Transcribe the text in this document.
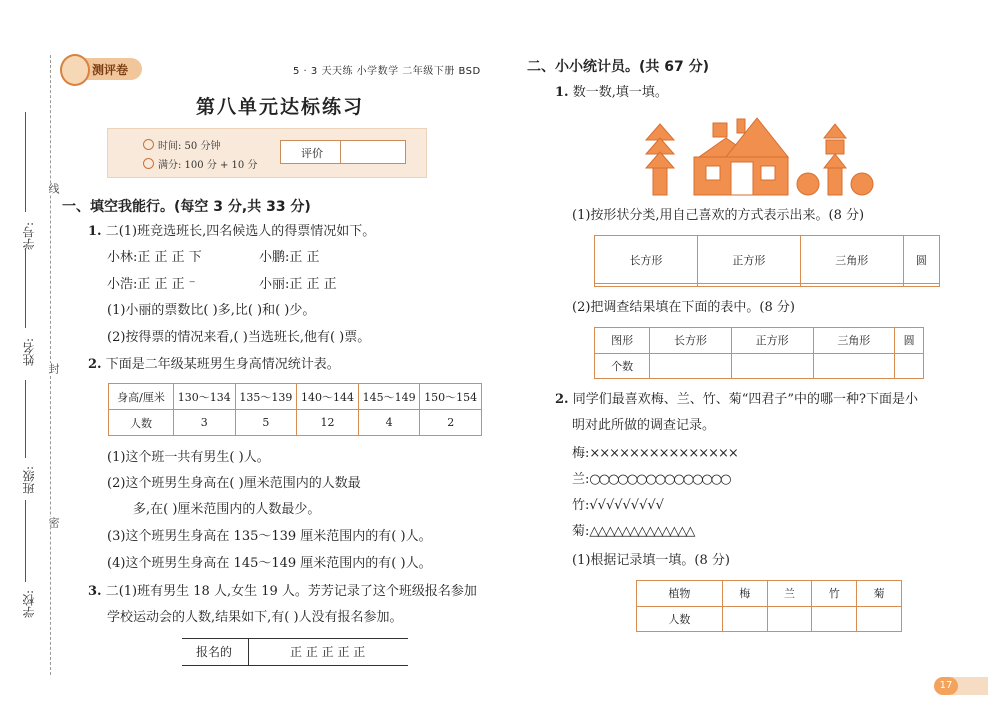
线
封
密
学号:
姓名:
班级:
学校:
测评卷	5 · 3 天天练 小学数学 二年级下册 BSD
第八单元达标练习
时间: 50 分钟
满分: 100 分 + 10 分
评价
一、填空我能行。(每空 3 分,共 33 分)
1. 二(1)班竞选班长,四名候选人的得票情况如下。
小林:正 正 正 下	小鹏:正 正
小浩:正 正 正 ⁻	小丽:正 正 正
(1)小丽的票数比( )多,比( )和( )少。
(2)按得票的情况来看,( )当选班长,他有( )票。
2. 下面是二年级某班男生身高情况统计表。
身高/厘米	130～134	135～139	140～144	145～149	150～154
人数	3	5	12	4	2
(1)这个班一共有男生( )人。
(2)这个班男生身高在( )厘米范围内的人数最
多,在( )厘米范围内的人数最少。
(3)这个班男生身高在 135～139 厘米范围内的有( )人。
(4)这个班男生身高在 145～149 厘米范围内的有( )人。
3. 二(1)班有男生 18 人,女生 19 人。芳芳记录了这个班级报名参加
学校运动会的人数,结果如下,有( )人没有报名参加。
报名的	正 正 正 正 正
二、小小统计员。(共 67 分)
1. 数一数,填一填。
(1)按形状分类,用自己喜欢的方式表示出来。(8 分)
长方形	正方形	三角形	圆

(2)把调查结果填在下面的表中。(8 分)
图形	长方形	正方形	三角形	圆
个数				
2. 同学们最喜欢梅、兰、竹、菊“四君子”中的哪一种?下面是小
明对此所做的调查记录。
梅:×××××××××××××××
兰:○○○○○○○○○○○○○○○
竹:√√√√√√√√√
菊:△△△△△△△△△△△△△
(1)根据记录填一填。(8 分)
植物	梅	兰	竹	菊
人数				
17
